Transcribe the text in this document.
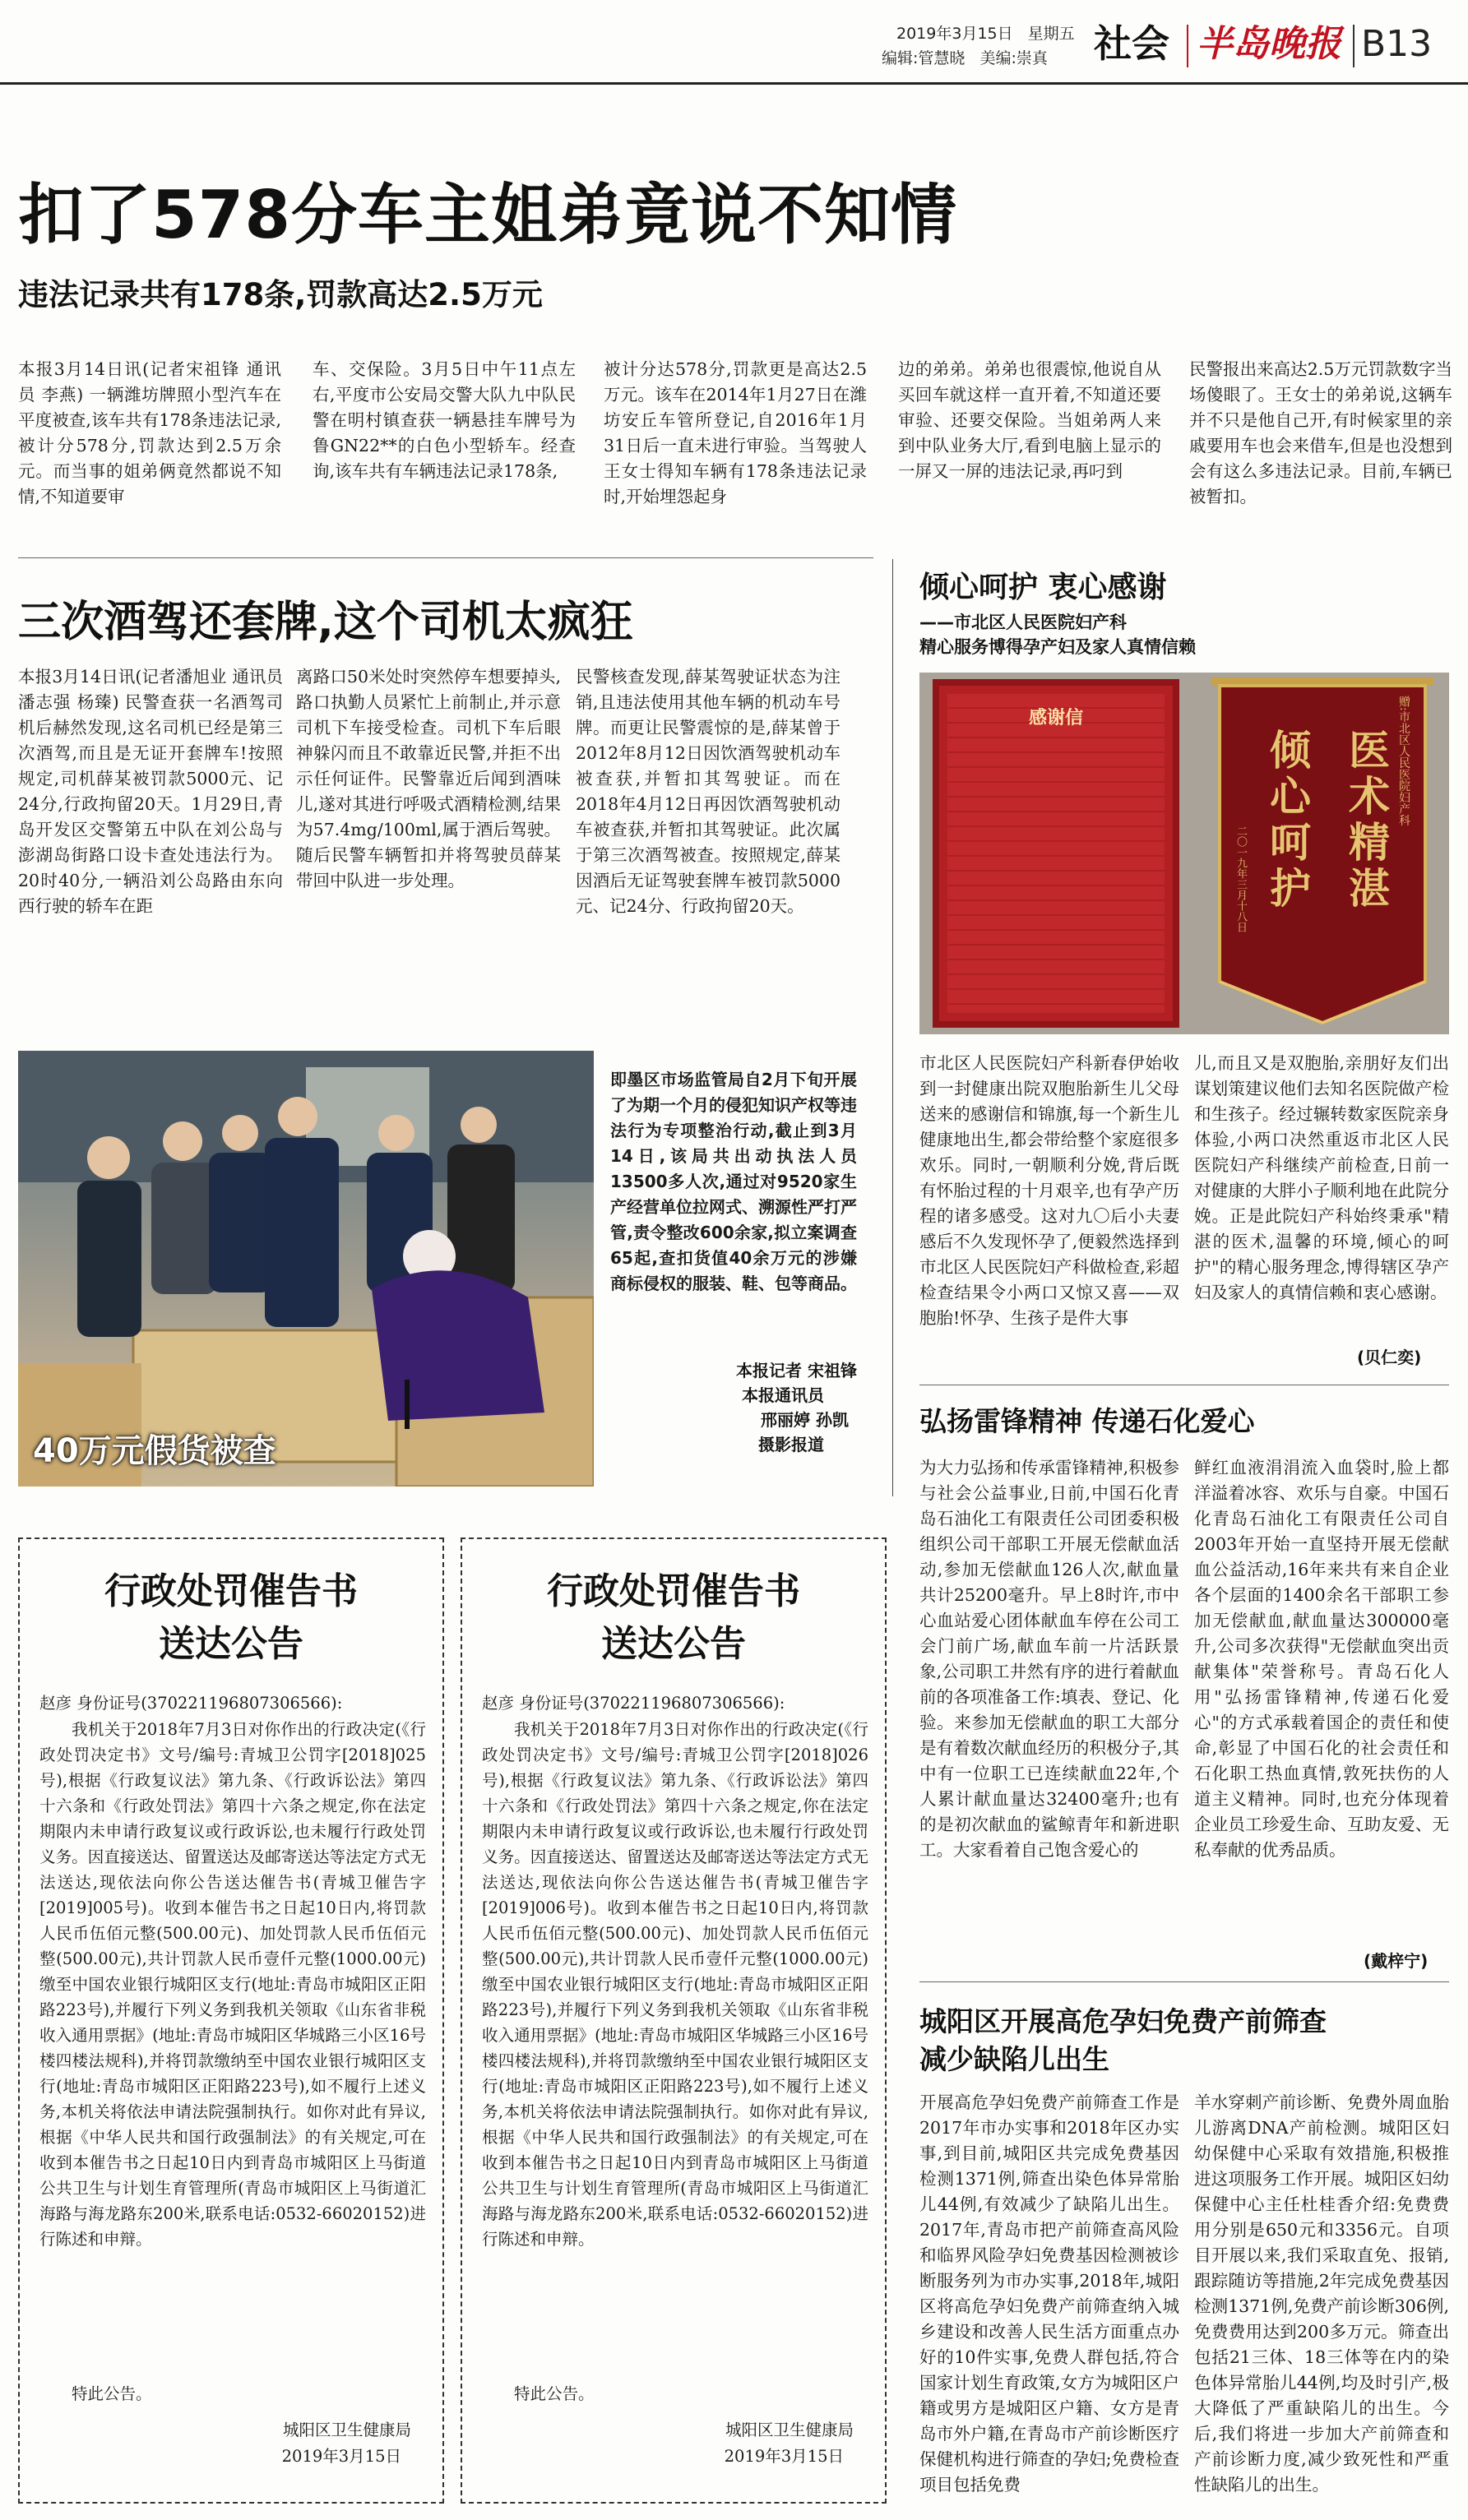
2019年3月15日 星期五
编辑:管慧晓 美编:崇真 社会 半岛晚报 B13
扣了578分车主姐弟竟说不知情
违法记录共有178条,罚款高达2.5万元
本报3月14日讯(记者宋祖锋 通讯员 李燕) 一辆潍坊牌照小型汽车在平度被查,该车共有178条违法记录,被计分578分,罚款达到2.5万余元。而当事的姐弟俩竟然都说不知情,不知道要审
车、交保险。3月5日中午11点左右,平度市公安局交警大队九中队民警在明村镇查获一辆悬挂车牌号为鲁GN22**的白色小型轿车。经查询,该车共有车辆违法记录178条,
被计分达578分,罚款更是高达2.5万元。该车在2014年1月27日在潍坊安丘车管所登记,自2016年1月31日后一直未进行审验。当驾驶人王女士得知车辆有178条违法记录时,开始埋怨起身
边的弟弟。弟弟也很震惊,他说自从买回车就这样一直开着,不知道还要审验、还要交保险。当姐弟两人来到中队业务大厅,看到电脑上显示的一屏又一屏的违法记录,再叼到
民警报出来高达2.5万元罚款数字当场傻眼了。王女士的弟弟说,这辆车并不只是他自己开,有时候家里的亲戚要用车也会来借车,但是也没想到会有这么多违法记录。目前,车辆已被暂扣。
三次酒驾还套牌,这个司机太疯狂
本报3月14日讯(记者潘旭业 通讯员 潘志强 杨臻) 民警查获一名酒驾司机后赫然发现,这名司机已经是第三次酒驾,而且是无证开套牌车!按照规定,司机薛某被罚款5000元、记24分,行政拘留20天。1月29日,青岛开发区交警第五中队在刘公岛与澎湖岛街路口设卡查处违法行为。20时40分,一辆沿刘公岛路由东向西行驶的轿车在距
离路口50米处时突然停车想要掉头,路口执勤人员紧忙上前制止,并示意司机下车接受检查。司机下车后眼神躲闪而且不敢靠近民警,并拒不出示任何证件。民警靠近后闻到酒味儿,遂对其进行呼吸式酒精检测,结果为57.4mg/100ml,属于酒后驾驶。随后民警车辆暂扣并将驾驶员薛某带回中队进一步处理。
民警核查发现,薛某驾驶证状态为注销,且违法使用其他车辆的机动车号牌。而更让民警震惊的是,薛某曾于2012年8月12日因饮酒驾驶机动车被查获,并暂扣其驾驶证。而在2018年4月12日再因饮酒驾驶机动车被查获,并暂扣其驾驶证。此次属于第三次酒驾被查。按照规定,薛某因酒后无证驾驶套牌车被罚款5000元、记24分、行政拘留20天。
40万元假货被查
即墨区市场监管局自2月下旬开展了为期一个月的侵犯知识产权等违法行为专项整治行动,截止到3月14日,该局共出动执法人员13500多人次,通过对9520家生产经营单位拉网式、溯源性严打严管,责令整改600余家,拟立案调查65起,查扣货值40余万元的涉嫌商标侵权的服装、鞋、包等商品。
本报记者 宋祖锋
本报通讯员
邢丽婷 孙凯
摄影报道
倾心呵护 衷心感谢
——市北区人民医院妇产科
精心服务博得孕产妇及家人真情信赖
感谢信	赠:市北区人民医院妇产科
医术精湛
倾心呵护
二〇一九年三月十八日
市北区人民医院妇产科新春伊始收到一封健康出院双胞胎新生儿父母送来的感谢信和锦旗,每一个新生儿健康地出生,都会带给整个家庭很多欢乐。同时,一朝顺利分娩,背后既有怀胎过程的十月艰辛,也有孕产历程的诸多感受。这对九〇后小夫妻感后不久发现怀孕了,便毅然选择到市北区人民医院妇产科做检查,彩超检查结果令小两口又惊又喜——双胞胎!怀孕、生孩子是件大事
儿,而且又是双胞胎,亲朋好友们出谋划策建议他们去知名医院做产检和生孩子。经过辗转数家医院亲身体验,小两口决然重返市北区人民医院妇产科继续产前检查,日前一对健康的大胖小子顺利地在此院分娩。正是此院妇产科始终秉承"精湛的医术,温馨的环境,倾心的呵护"的精心服务理念,博得辖区孕产妇及家人的真情信赖和衷心感谢。
(贝仁奕)
弘扬雷锋精神 传递石化爱心
为大力弘扬和传承雷锋精神,积极参与社会公益事业,日前,中国石化青岛石油化工有限责任公司团委积极组织公司干部职工开展无偿献血活动,参加无偿献血126人次,献血量共计25200毫升。早上8时许,市中心血站爱心团体献血车停在公司工会门前广场,献血车前一片活跃景象,公司职工井然有序的进行着献血前的各项准备工作:填表、登记、化验。来参加无偿献血的职工大部分是有着数次献血经历的积极分子,其中有一位职工已连续献血22年,个人累计献血量达32400毫升;也有的是初次献血的鲨鲸青年和新进职工。大家看着自己饱含爱心的
鲜红血液涓涓流入血袋时,脸上都洋溢着冰容、欢乐与自豪。中国石化青岛石油化工有限责任公司自2003年开始一直坚持开展无偿献血公益活动,16年来共有来自企业各个层面的1400余名干部职工参加无偿献血,献血量达300000毫升,公司多次获得"无偿献血突出贡献集体"荣誉称号。青岛石化人用"弘扬雷锋精神,传递石化爱心"的方式承载着国企的责任和使命,彰显了中国石化的社会责任和石化职工热血真情,敦死扶伤的人道主义精神。同时,也充分体现着企业员工珍爱生命、互助友爱、无私奉献的优秀品质。
(戴梓宁)
城阳区开展高危孕妇免费产前筛查
减少缺陷儿出生
开展高危孕妇免费产前筛查工作是2017年市办实事和2018年区办实事,到目前,城阳区共完成免费基因检测1371例,筛查出染色体异常胎儿44例,有效减少了缺陷儿出生。2017年,青岛市把产前筛查高风险和临界风险孕妇免费基因检测被诊断服务列为市办实事,2018年,城阳区将高危孕妇免费产前筛查纳入城乡建设和改善人民生活方面重点办好的10件实事,免费人群包括,符合国家计划生育政策,女方为城阳区户籍或男方是城阳区户籍、女方是青岛市外户籍,在青岛市产前诊断医疗保健机构进行筛查的孕妇;免费检查项目包括免费
羊水穿刺产前诊断、免费外周血胎儿游离DNA产前检测。城阳区妇幼保健中心采取有效措施,积极推进这项服务工作开展。城阳区妇幼保健中心主任杜桂香介绍:免费费用分别是650元和3356元。自项目开展以来,我们采取直免、报销,跟踪随访等措施,2年完成免费基因检测1371例,免费产前诊断306例,免费费用达到200多万元。筛查出包括21三体、18三体等在内的染色体异常胎儿44例,均及时引产,极大降低了严重缺陷儿的出生。今后,我们将进一步加大产前筛查和产前诊断力度,减少致死性和严重性缺陷儿的出生。
行政处罚催告书
送达公告
赵彦 身份证号(370221196807306566):
我机关于2018年7月3日对你作出的行政决定(《行政处罚决定书》文号/编号:青城卫公罚字[2018]025号),根据《行政复议法》第九条、《行政诉讼法》第四十六条和《行政处罚法》第四十六条之规定,你在法定期限内未申请行政复议或行政诉讼,也未履行行政处罚义务。因直接送达、留置送达及邮寄送达等法定方式无法送达,现依法向你公告送达催告书(青城卫催告字[2019]005号)。收到本催告书之日起10日内,将罚款人民币伍佰元整(500.00元)、加处罚款人民币伍佰元整(500.00元),共计罚款人民币壹仟元整(1000.00元)缴至中国农业银行城阳区支行(地址:青岛市城阳区正阳路223号),并履行下列义务到我机关领取《山东省非税收入通用票据》(地址:青岛市城阳区华城路三小区16号楼四楼法规科),并将罚款缴纳至中国农业银行城阳区支行(地址:青岛市城阳区正阳路223号),如不履行上述义务,本机关将依法申请法院强制执行。如你对此有异议,根据《中华人民共和国行政强制法》的有关规定,可在收到本催告书之日起10日内到青岛市城阳区上马街道公共卫生与计划生育管理所(青岛市城阳区上马街道汇海路与海龙路东200米,联系电话:0532-66020152)进行陈述和申辩。
特此公告。
城阳区卫生健康局
2019年3月15日
行政处罚催告书
送达公告
赵彦 身份证号(370221196807306566):
我机关于2018年7月3日对你作出的行政决定(《行政处罚决定书》文号/编号:青城卫公罚字[2018]026号),根据《行政复议法》第九条、《行政诉讼法》第四十六条和《行政处罚法》第四十六条之规定,你在法定期限内未申请行政复议或行政诉讼,也未履行行政处罚义务。因直接送达、留置送达及邮寄送达等法定方式无法送达,现依法向你公告送达催告书(青城卫催告字[2019]006号)。收到本催告书之日起10日内,将罚款人民币伍佰元整(500.00元)、加处罚款人民币伍佰元整(500.00元),共计罚款人民币壹仟元整(1000.00元)缴至中国农业银行城阳区支行(地址:青岛市城阳区正阳路223号),并履行下列义务到我机关领取《山东省非税收入通用票据》(地址:青岛市城阳区华城路三小区16号楼四楼法规科),并将罚款缴纳至中国农业银行城阳区支行(地址:青岛市城阳区正阳路223号),如不履行上述义务,本机关将依法申请法院强制执行。如你对此有异议,根据《中华人民共和国行政强制法》的有关规定,可在收到本催告书之日起10日内到青岛市城阳区上马街道公共卫生与计划生育管理所(青岛市城阳区上马街道汇海路与海龙路东200米,联系电话:0532-66020152)进行陈述和申辩。
特此公告。
城阳区卫生健康局
2019年3月15日
